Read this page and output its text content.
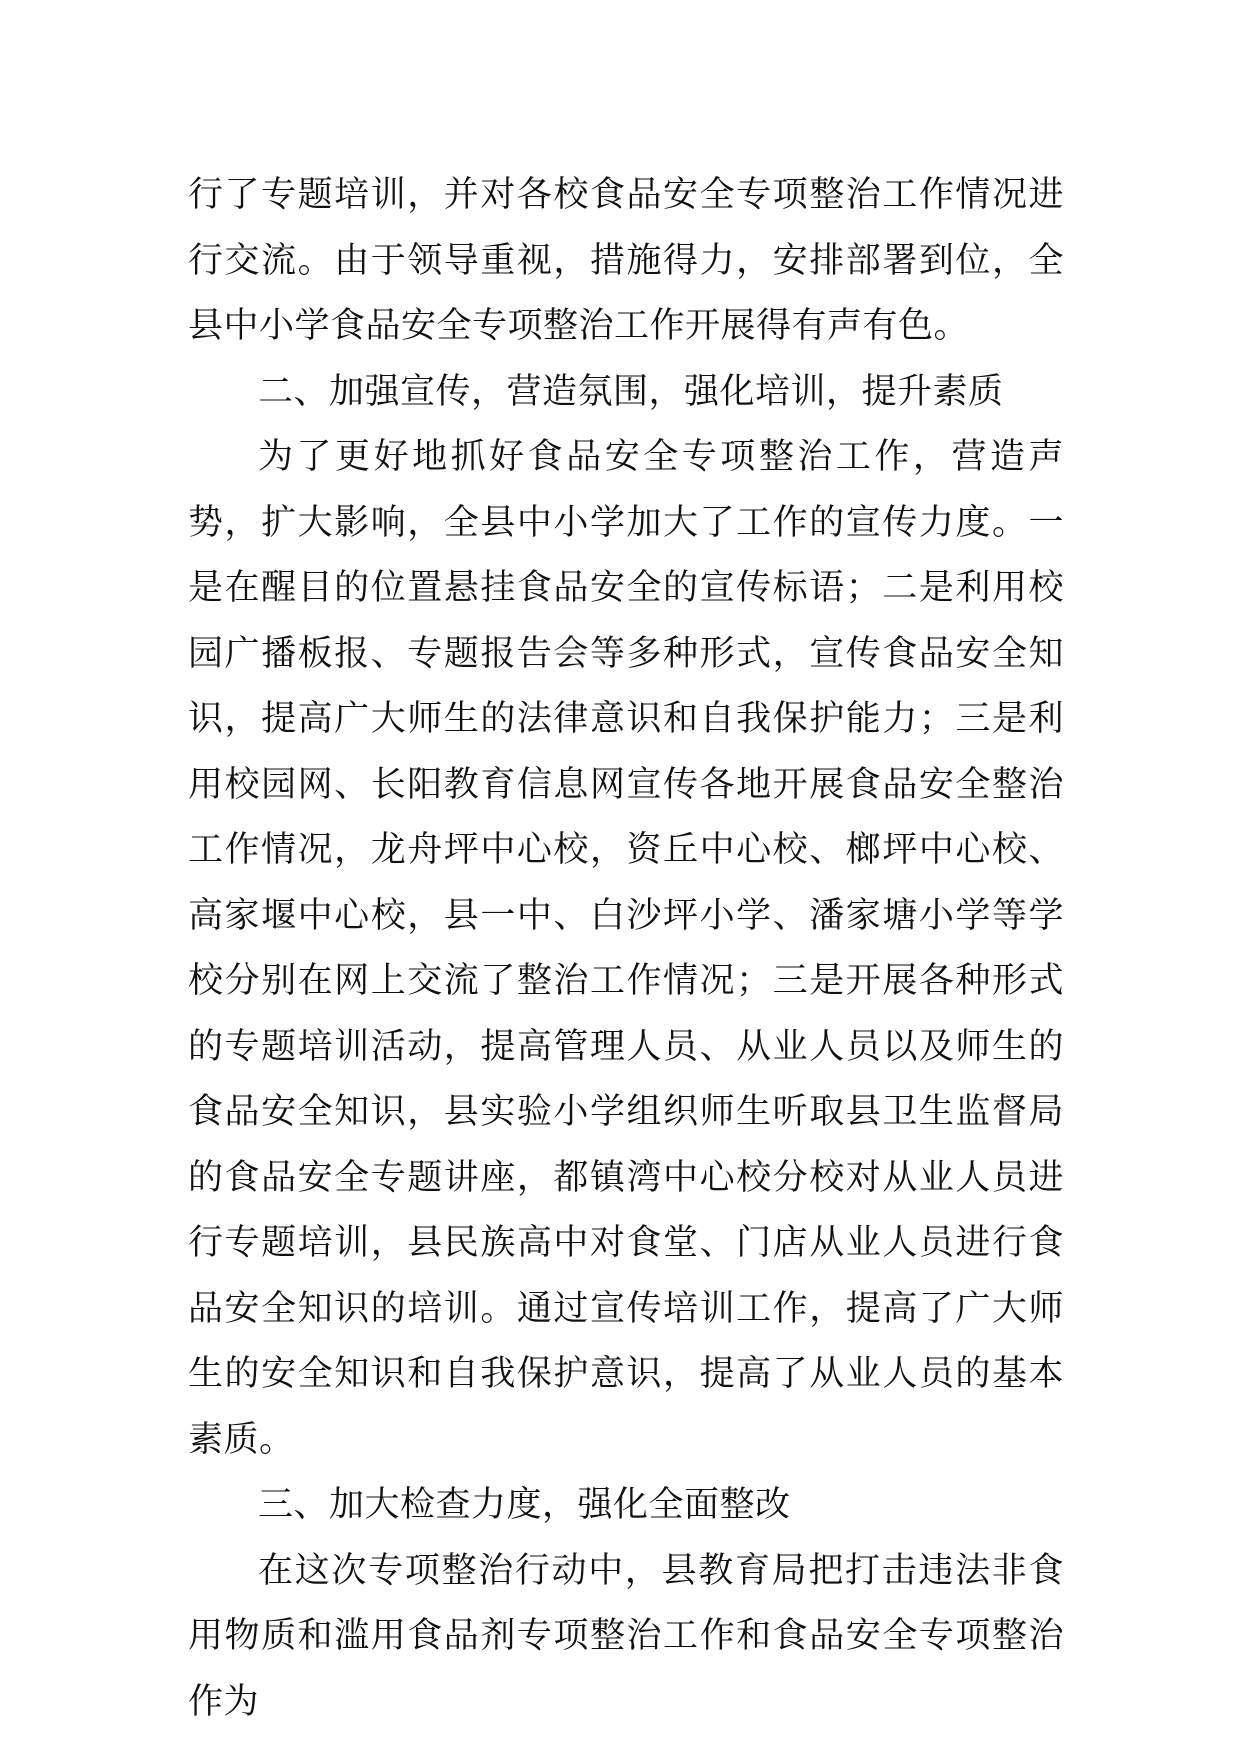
行了专题培训，并对各校食品安全专项整治工作情况进行交流。由于领导重视，措施得力，安排部署到位，全县中小学食品安全专项整治工作开展得有声有色。

二、加强宣传，营造氛围，强化培训，提升素质

为了更好地抓好食品安全专项整治工作，营造声势，扩大影响，全县中小学加大了工作的宣传力度。一是在醒目的位置悬挂食品安全的宣传标语；二是利用校园广播板报、专题报告会等多种形式，宣传食品安全知识，提高广大师生的法律意识和自我保护能力；三是利用校园网、长阳教育信息网宣传各地开展食品安全整治工作情况，龙舟坪中心校，资丘中心校、榔坪中心校、高家堰中心校，县一中、白沙坪小学、潘家塘小学等学校分别在网上交流了整治工作情况；三是开展各种形式的专题培训活动，提高管理人员、从业人员以及师生的食品安全知识，县实验小学组织师生听取县卫生监督局的食品安全专题讲座，都镇湾中心校分校对从业人员进行专题培训，县民族高中对食堂、门店从业人员进行食品安全知识的培训。通过宣传培训工作，提高了广大师生的安全知识和自我保护意识，提高了从业人员的基本素质。

三、加大检查力度，强化全面整改

在这次专项整治行动中，县教育局把打击违法非食用物质和滥用食品剂专项整治工作和食品安全专项整治作为
